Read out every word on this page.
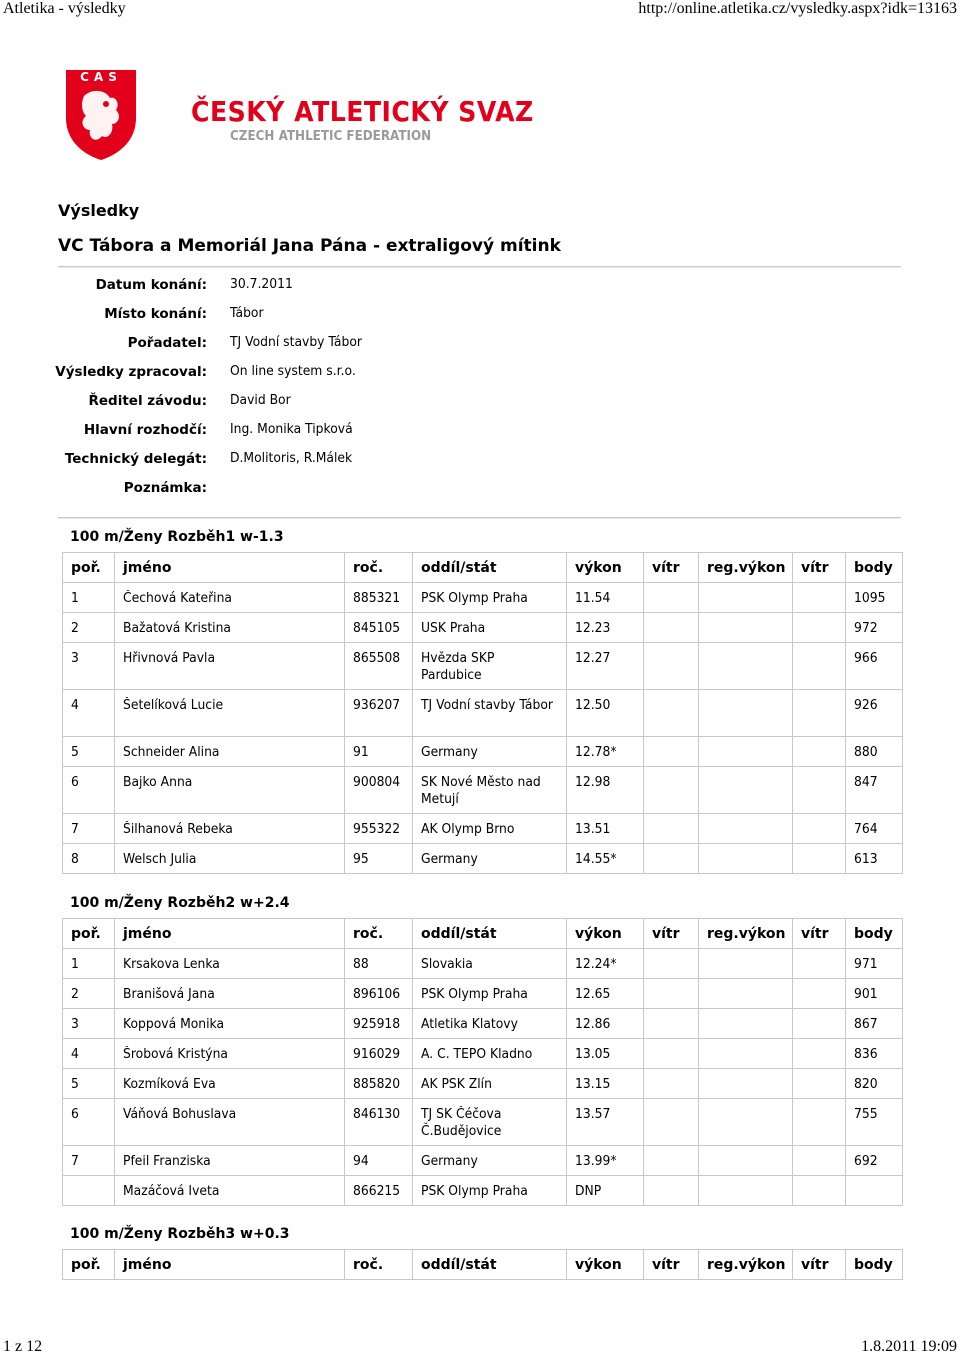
Atletika - výsledky	http://online.atletika.cz/vysledky.aspx?idk=13163
CAS
ČESKÝ ATLETICKÝ SVAZ
CZECH ATHLETIC FEDERATION
Výsledky
VC Tábora a Memoriál Jana Pána - extraligový mítink
Datum konání: 30.7.2011
Místo konání: Tábor
Pořadatel: TJ Vodní stavby Tábor
Výsledky zpracoval: On line system s.r.o.
Ředitel závodu: David Bor
Hlavní rozhodčí: Ing. Monika Tipková
Technický delegát: D.Molitoris, R.Málek
Poznámka:
100 m/Ženy Rozběh1 w-1.3
poř.	jméno	roč.	oddíl/stát	výkon	vítr	reg.výkon	vítr	body
1	Čechová Kateřina	885321	PSK Olymp Praha	11.54				1095
2	Bažatová Kristina	845105	USK Praha	12.23				972
3	Hřivnová Pavla	865508	Hvězda SKP Pardubice	12.27				966
4	Šetelíková Lucie	936207	TJ Vodní stavby Tábor	12.50				926
5	Schneider Alina	91	Germany	12.78*				880
6	Bajko Anna	900804	SK Nové Město nad Metují	12.98				847
7	Šilhanová Rebeka	955322	AK Olymp Brno	13.51				764
8	Welsch Julia	95	Germany	14.55*				613
100 m/Ženy Rozběh2 w+2.4
poř.	jméno	roč.	oddíl/stát	výkon	vítr	reg.výkon	vítr	body
1	Krsakova Lenka	88	Slovakia	12.24*				971
2	Branišová Jana	896106	PSK Olymp Praha	12.65				901
3	Koppová Monika	925918	Atletika Klatovy	12.86				867
4	Šrobová Kristýna	916029	A. C. TEPO Kladno	13.05				836
5	Kozmíková Eva	885820	AK PSK Zlín	13.15				820
6	Váňová Bohuslava	846130	TJ SK Čéčova Č.Budějovice	13.57				755
7	Pfeil Franziska	94	Germany	13.99*				692
	Mazáčová Iveta	866215	PSK Olymp Praha	DNP				
100 m/Ženy Rozběh3 w+0.3
poř.	jméno	roč.	oddíl/stát	výkon	vítr	reg.výkon	vítr	body
1 z 12	1.8.2011 19:09
